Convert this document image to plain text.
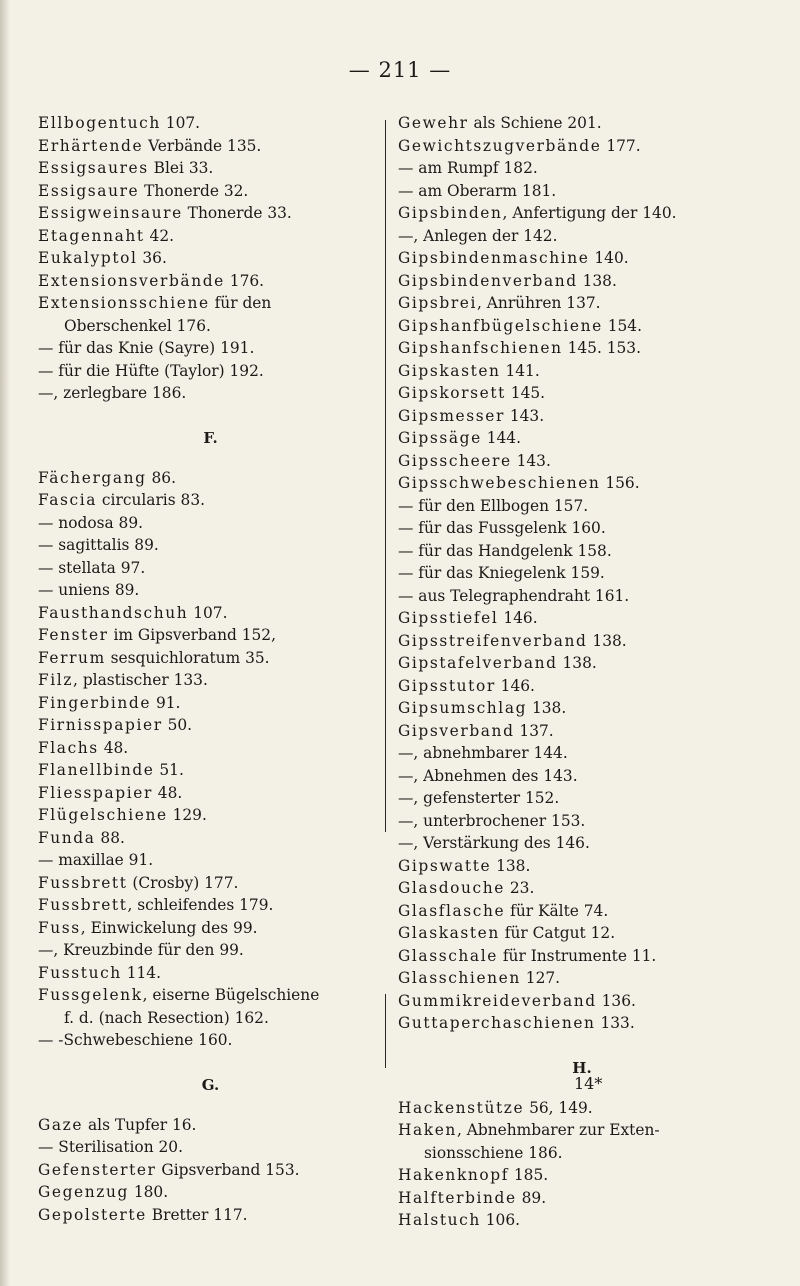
— 211 —
Ellbogentuch 107.
Erhärtende Verbände 135.
Essigsaures Blei 33.
Essigsaure Thonerde 32.
Essigweinsaure Thonerde 33.
Etagennaht 42.
Eukalyptol 36.
Extensionsverbände 176.
Extensionsschiene für den
Oberschenkel 176.
— für das Knie (Sayre) 191.
— für die Hüfte (Taylor) 192.
—, zerlegbare 186.
F.
Fächergang 86.
Fascia circularis 83.
— nodosa 89.
— sagittalis 89.
— stellata 97.
— uniens 89.
Fausthandschuh 107.
Fenster im Gipsverband 152,
Ferrum sesquichloratum 35.
Filz, plastischer 133.
Fingerbinde 91.
Firnisspapier 50.
Flachs 48.
Flanellbinde 51.
Fliesspapier 48.
Flügelschiene 129.
Funda 88.
— maxillae 91.
Fussbrett (Crosby) 177.
Fussbrett, schleifendes 179.
Fuss, Einwickelung des 99.
—, Kreuzbinde für den 99.
Fusstuch 114.
Fussgelenk, eiserne Bügelschiene
f. d. (nach Resection) 162.
— -Schwebeschiene 160.
G.
Gaze als Tupfer 16.
— Sterilisation 20.
Gefensterter Gipsverband 153.
Gegenzug 180.
Gepolsterte Bretter 117.
Gewehr als Schiene 201.
Gewichtszugverbände 177.
— am Rumpf 182.
— am Oberarm 181.
Gipsbinden, Anfertigung der 140.
—, Anlegen der 142.
Gipsbindenmaschine 140.
Gipsbindenverband 138.
Gipsbrei, Anrühren 137.
Gipshanfbügelschiene 154.
Gipshanfschienen 145. 153.
Gipskasten 141.
Gipskorsett 145.
Gipsmesser 143.
Gipssäge 144.
Gipsscheere 143.
Gipsschwebeschienen 156.
— für den Ellbogen 157.
— für das Fussgelenk 160.
— für das Handgelenk 158.
— für das Kniegelenk 159.
— aus Telegraphendraht 161.
Gipsstiefel 146.
Gipsstreifenverband 138.
Gipstafelverband 138.
Gipsstutor 146.
Gipsumschlag 138.
Gipsverband 137.
—, abnehmbarer 144.
—, Abnehmen des 143.
—, gefensterter 152.
—, unterbrochener 153.
—, Verstärkung des 146.
Gipswatte 138.
Glasdouche 23.
Glasflasche für Kälte 74.
Glaskasten für Catgut 12.
Glasschale für Instrumente 11.
Glasschienen 127.
Gummikreideverband 136.
Guttaperchaschienen 133.
H.
Hackenstütze 56, 149.
Haken, Abnehmbarer zur Exten-
sionsschiene 186.
Hakenknopf 185.
Halfterbinde 89.
Halstuch 106.
14*
